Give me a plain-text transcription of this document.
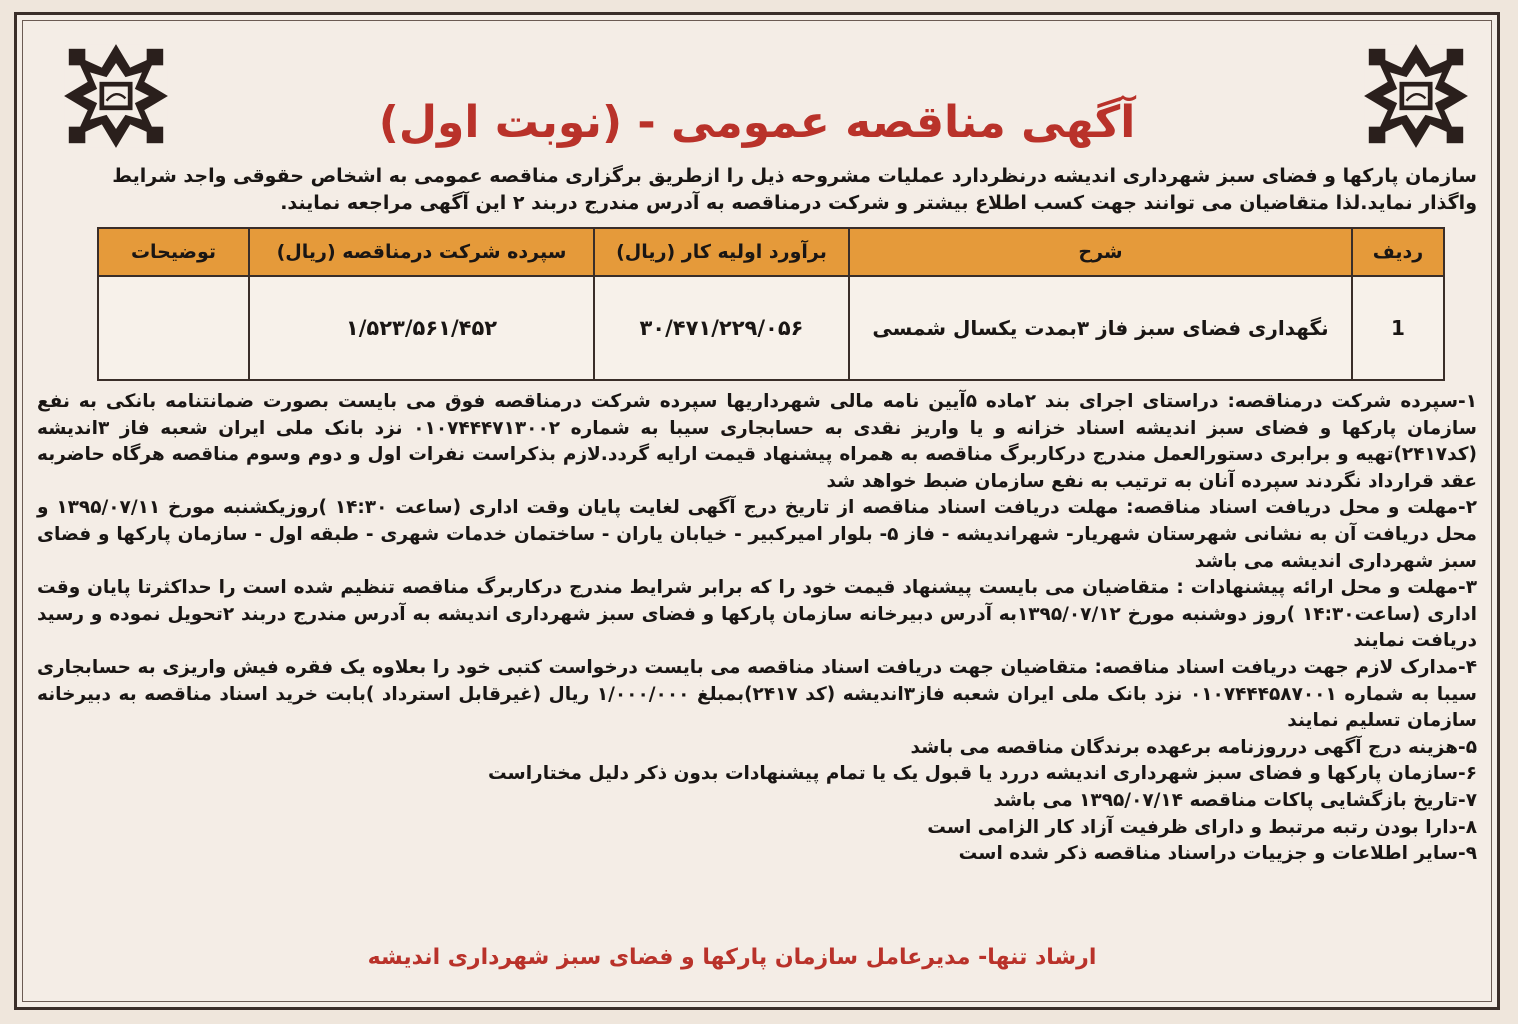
آگهی مناقصه عمومی - (نوبت اول)
سازمان پارکها و فضای سبز شهرداری اندیشه درنظردارد عملیات مشروحه ذیل را ازطریق برگزاری مناقصه عمومی به اشخاص حقوقی واجد شرایط
واگذار نماید.لذا متقاضیان می توانند جهت کسب اطلاع بیشتر و شرکت درمناقصه به آدرس مندرج دربند ۲ این آگهی مراجعه نمایند.
ردیف	شرح	برآورد اولیه کار (ریال)	سپرده شرکت درمناقصه (ریال)	توضیحات
1	نگهداری فضای سبز فاز ۳بمدت یکسال شمسی	۳۰/۴۷۱/۲۲۹/۰۵۶	۱/۵۲۳/۵۶۱/۴۵۲	

۱-سپرده شرکت درمناقصه: دراستای اجرای بند ۲ماده ۵آیین نامه مالی شهرداریها سپرده شرکت درمناقصه فوق می بایست بصورت ضمانتنامه بانکی به نفع سازمان پارکها و فضای سبز اندیشه اسناد خزانه و یا واریز نقدی به حسابجاری سیبا به شماره ۰۱۰۷۴۴۴۷۱۳۰۰۲ نزد بانک ملی ایران شعبه فاز ۳اندیشه (کد۲۴۱۷)تهیه و برابری دستورالعمل مندرج درکاربرگ مناقصه به همراه پیشنهاد قیمت ارایه گردد.لازم بذکراست نفرات اول و دوم وسوم مناقصه هرگاه حاضربه عقد قرارداد نگردند سپرده آنان به ترتیب به نفع سازمان ضبط خواهد شد

۲-مهلت و محل دریافت اسناد مناقصه: مهلت دریافت اسناد مناقصه از تاریخ درج آگهی لغایت پایان وقت اداری (ساعت ۱۴:۳۰ )روزیکشنبه مورخ ۱۳۹۵/۰۷/۱۱ و محل دریافت آن به نشانی شهرستان شهریار- شهراندیشه - فاز ۵- بلوار امیرکبیر - خیابان یاران - ساختمان خدمات شهری - طبقه اول - سازمان پارکها و فضای سبز شهرداری اندیشه می باشد

۳-مهلت و محل ارائه پیشنهادات : متقاضیان می بایست پیشنهاد قیمت خود را که برابر شرایط مندرج درکاربرگ مناقصه تنظیم شده است را حداکثرتا پایان وقت اداری (ساعت۱۴:۳۰ )روز دوشنبه مورخ ۱۳۹۵/۰۷/۱۲به آدرس دبیرخانه سازمان پارکها و فضای سبز شهرداری اندیشه به آدرس مندرج دربند ۲تحویل نموده و رسید دریافت نمایند

۴-مدارک لازم جهت دریافت اسناد مناقصه: متقاضیان جهت دریافت اسناد مناقصه می بایست درخواست کتبی خود را بعلاوه یک فقره فیش واریزی به حسابجاری سیبا به شماره ۰۱۰۷۴۴۴۵۸۷۰۰۱ نزد بانک ملی ایران شعبه فاز۳اندیشه (کد ۲۴۱۷)بمبلغ ۱/۰۰۰/۰۰۰ ریال (غیرقابل استرداد )بابت خرید اسناد مناقصه به دبیرخانه سازمان تسلیم نمایند

۵-هزینه درج آگهی درروزنامه برعهده برندگان مناقصه می باشد

۶-سازمان پارکها و فضای سبز شهرداری اندیشه دررد یا قبول یک یا تمام پیشنهادات بدون ذکر دلیل مختاراست

۷-تاریخ بازگشایی پاکات مناقصه ۱۳۹۵/۰۷/۱۴ می باشد

۸-دارا بودن رتبه مرتبط و دارای ظرفیت آزاد کار الزامی است

۹-سایر اطلاعات و جزییات دراسناد مناقصه ذکر شده است

ارشاد تنها- مدیرعامل سازمان پارکها و فضای سبز شهرداری اندیشه
